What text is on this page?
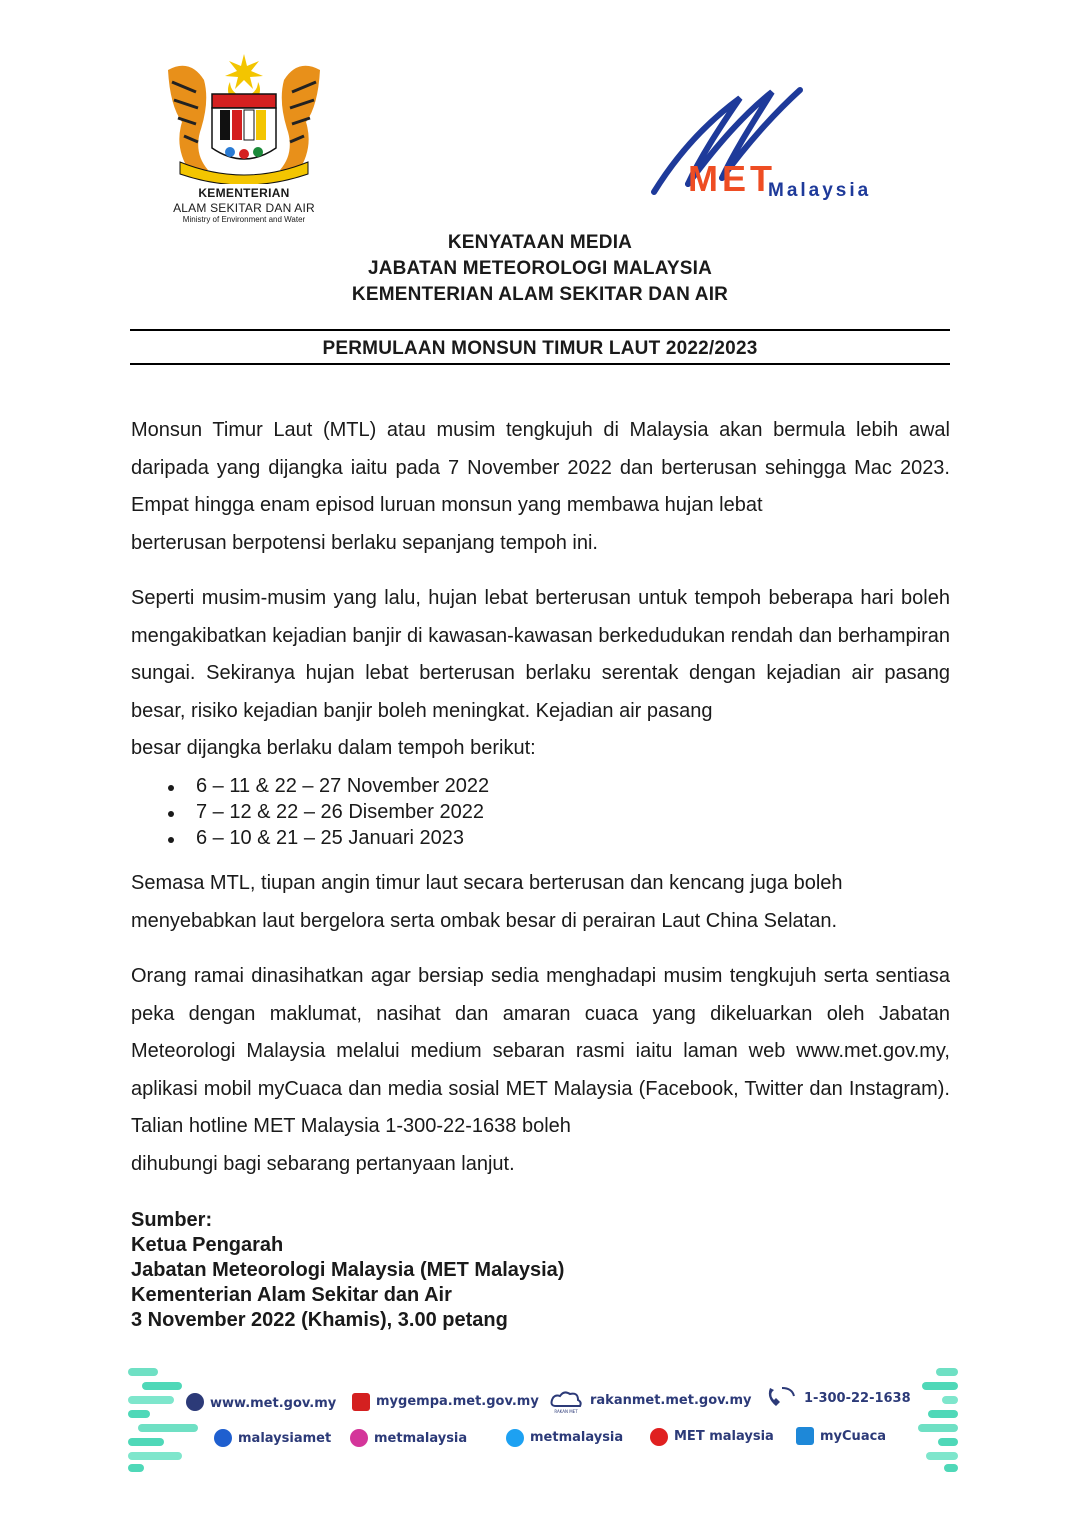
KEMENTERIAN
ALAM SEKITAR DAN AIR
Ministry of Environment and Water
MET
Malaysia
KENYATAAN MEDIA
JABATAN METEOROLOGI MALAYSIA
KEMENTERIAN ALAM SEKITAR DAN AIR
PERMULAAN MONSUN TIMUR LAUT 2022/2023
Monsun Timur Laut (MTL) atau musim tengkujuh di Malaysia akan bermula lebih awal daripada yang dijangka iaitu pada 7 November 2022 dan berterusan sehingga Mac 2023. Empat hingga enam episod luruan monsun yang membawa hujan lebat
berterusan berpotensi berlaku sepanjang tempoh ini.
Seperti musim-musim yang lalu, hujan lebat berterusan untuk tempoh beberapa hari boleh mengakibatkan kejadian banjir di kawasan-kawasan berkedudukan rendah dan berhampiran sungai. Sekiranya hujan lebat berterusan berlaku serentak dengan kejadian air pasang besar, risiko kejadian banjir boleh meningkat. Kejadian air pasang
besar dijangka berlaku dalam tempoh berikut:
6 – 11 & 22 – 27 November 2022
7 – 12 & 22 – 26 Disember 2022
6 – 10 & 21 – 25 Januari 2023
Semasa MTL, tiupan angin timur laut secara berterusan dan kencang juga boleh
menyebabkan laut bergelora serta ombak besar di perairan Laut China Selatan.
Orang ramai dinasihatkan agar bersiap sedia menghadapi musim tengkujuh serta sentiasa peka dengan maklumat, nasihat dan amaran cuaca yang dikeluarkan oleh Jabatan Meteorologi Malaysia melalui medium sebaran rasmi iaitu laman web www.met.gov.my, aplikasi mobil myCuaca dan media sosial MET Malaysia (Facebook, Twitter dan Instagram). Talian hotline MET Malaysia 1-300-22-1638 boleh
dihubungi bagi sebarang pertanyaan lanjut.
Sumber:
Ketua Pengarah
Jabatan Meteorologi Malaysia (MET Malaysia)
Kementerian Alam Sekitar dan Air
3 November 2022 (Khamis), 3.00 petang
www.met.gov.my	mygempa.met.gov.my
RAKAN MET
rakanmet.met.gov.my	1-300-22-1638
malaysiamet	metmalaysia	metmalaysia	MET malaysia	myCuaca
